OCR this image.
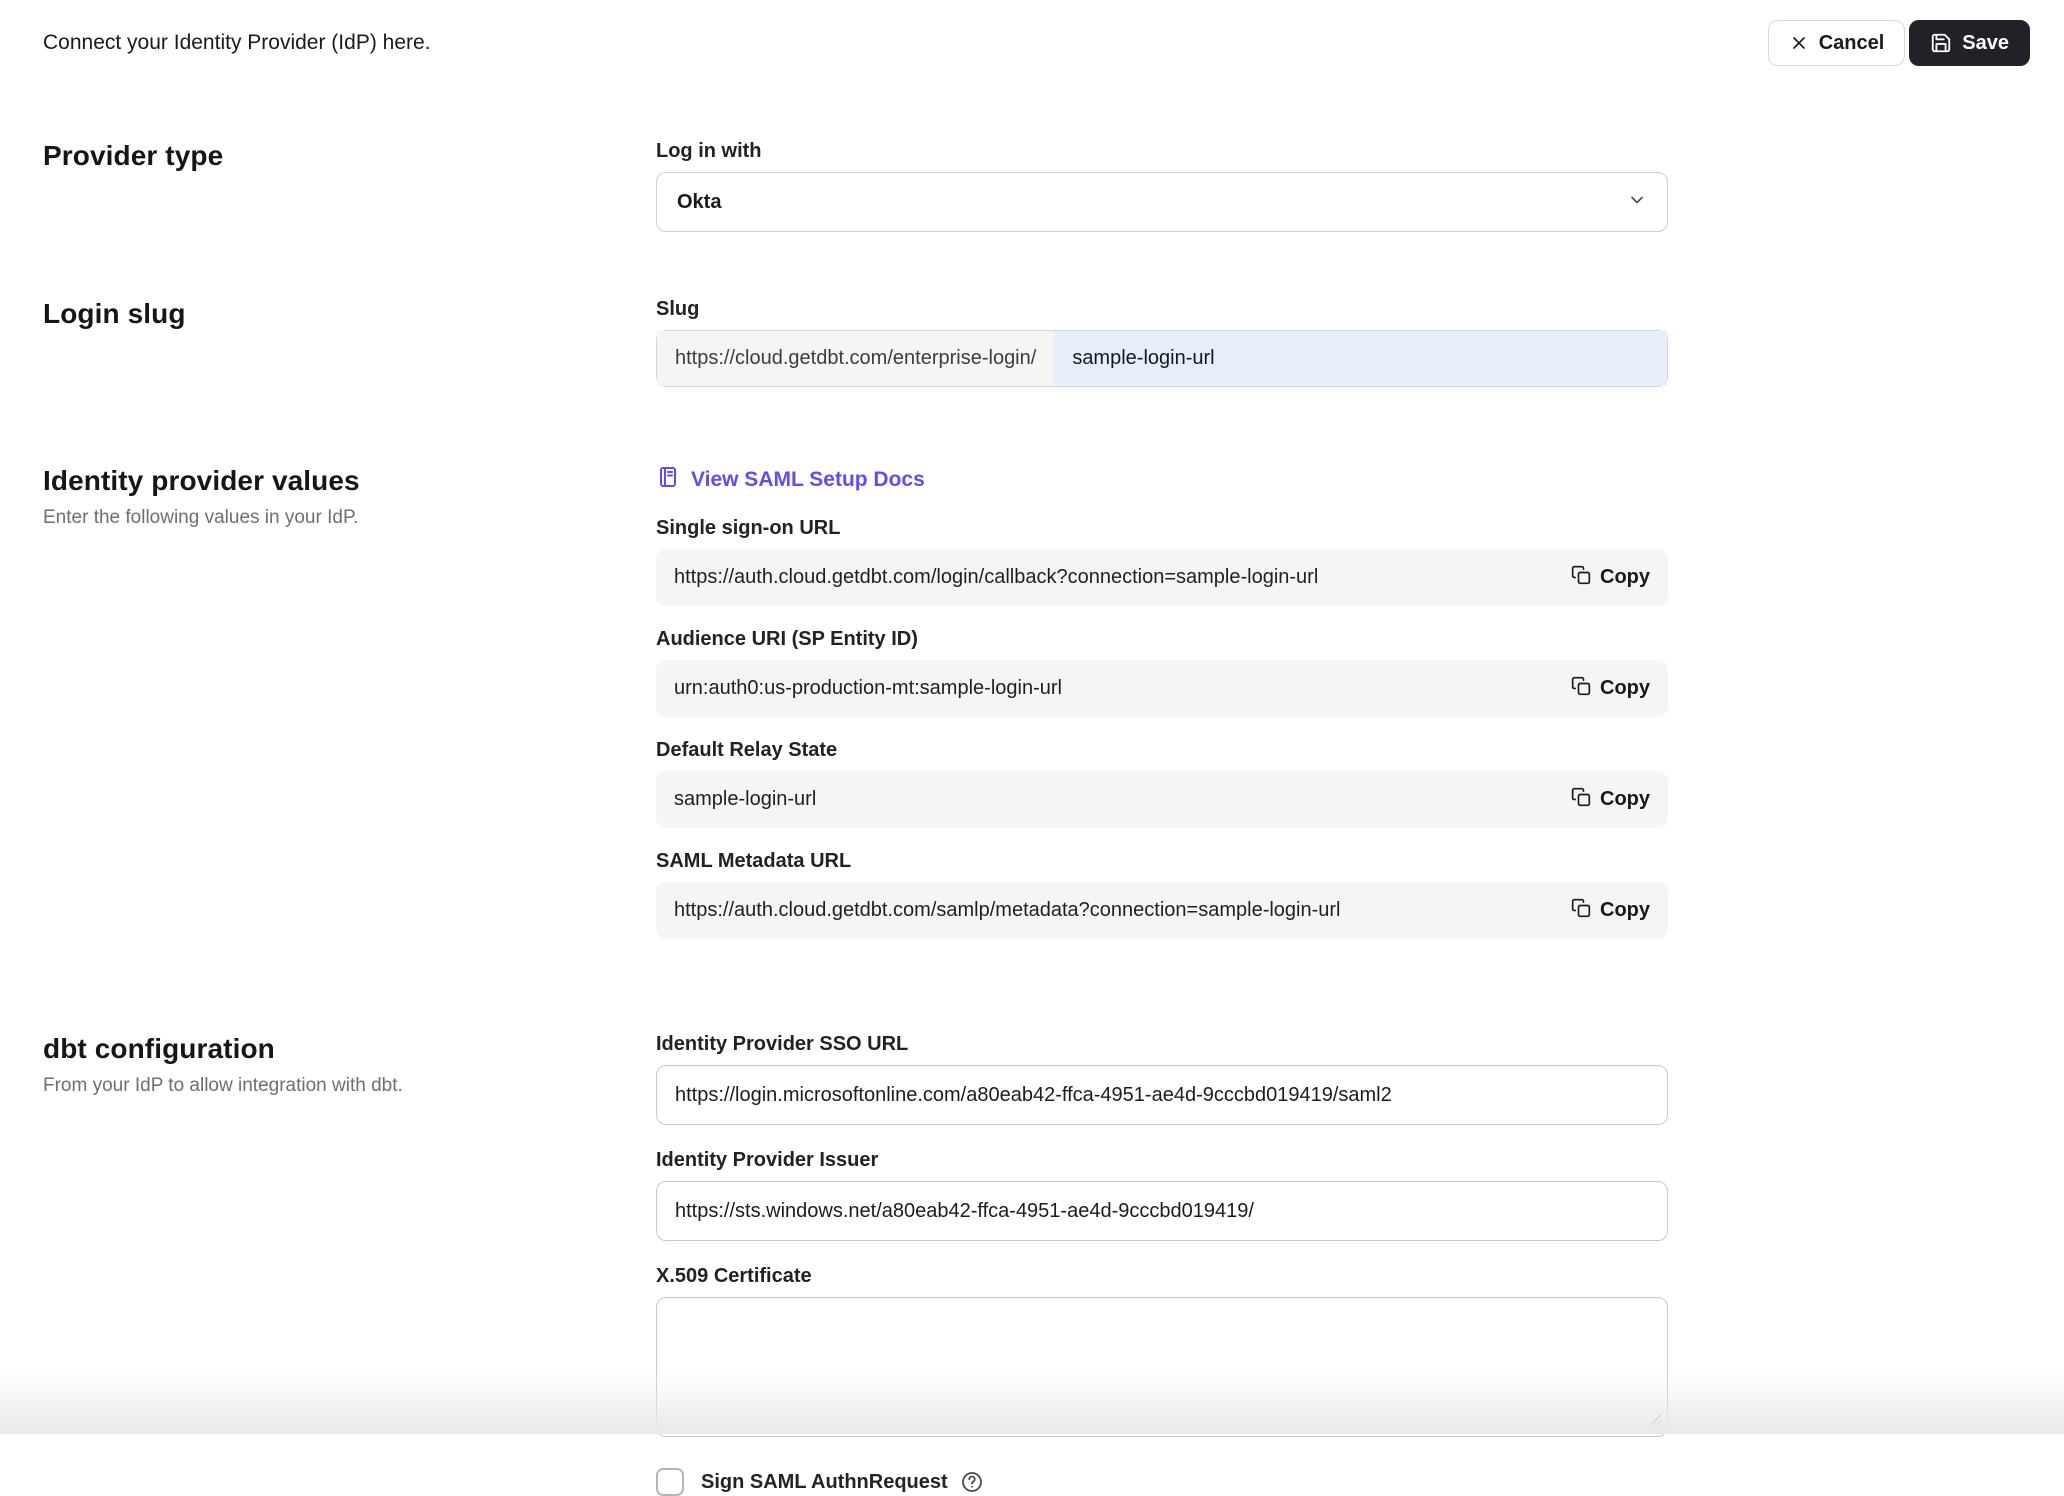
Connect your Identity Provider (IdP) here.	Cancel	Save
Provider type	Log in with
Okta
Login slug	Slug
https://cloud.getdbt.com/enterprise-login/
sample-login-url
Identity provider values
Enter the following values in your IdP.
View SAML Setup Docs
Single sign-on URL
https://auth.cloud.getdbt.com/login/callback?connection=sample-login-url	Copy
Audience URI (SP Entity ID)
urn:auth0:us-production-mt:sample-login-url	Copy
Default Relay State
sample-login-url	Copy
SAML Metadata URL
https://auth.cloud.getdbt.com/samlp/metadata?connection=sample-login-url	Copy
dbt configuration
From your IdP to allow integration with dbt.
Identity Provider SSO URL
https://login.microsoftonline.com/a80eab42-ffca-4951-ae4d-9cccbd019419/saml2
Identity Provider Issuer
https://sts.windows.net/a80eab42-ffca-4951-ae4d-9cccbd019419/
X.509 Certificate
Sign SAML AuthnRequest
